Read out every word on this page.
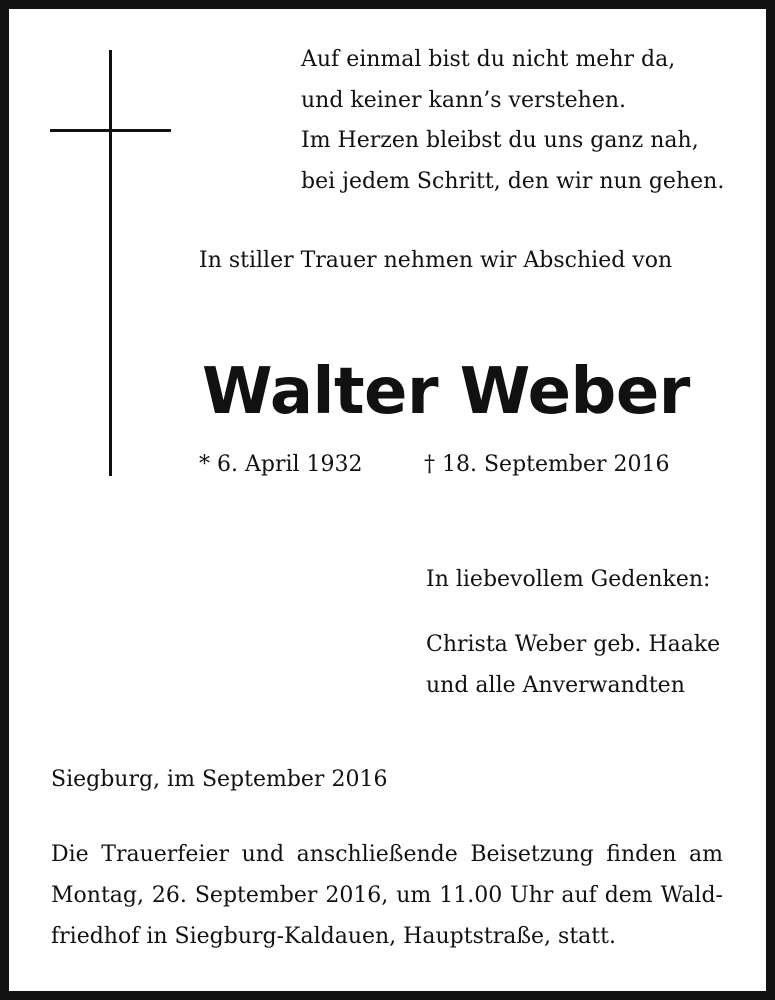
Auf einmal bist du nicht mehr da,
und keiner kann’s verstehen.
Im Herzen bleibst du uns ganz nah,
bei jedem Schritt, den wir nun gehen.

In stiller Trauer nehmen wir Abschied von

Walter Weber

* 6. April 1932	† 18. September 2016

In liebevollem Gedenken:

Christa Weber geb. Haake
und alle Anverwandten

Siegburg, im September 2016

Die Trauerfeier und anschließende Beisetzung finden am
Montag, 26. September 2016, um 11.00 Uhr auf dem Wald-
friedhof in Siegburg-Kaldauen, Hauptstraße, statt.
